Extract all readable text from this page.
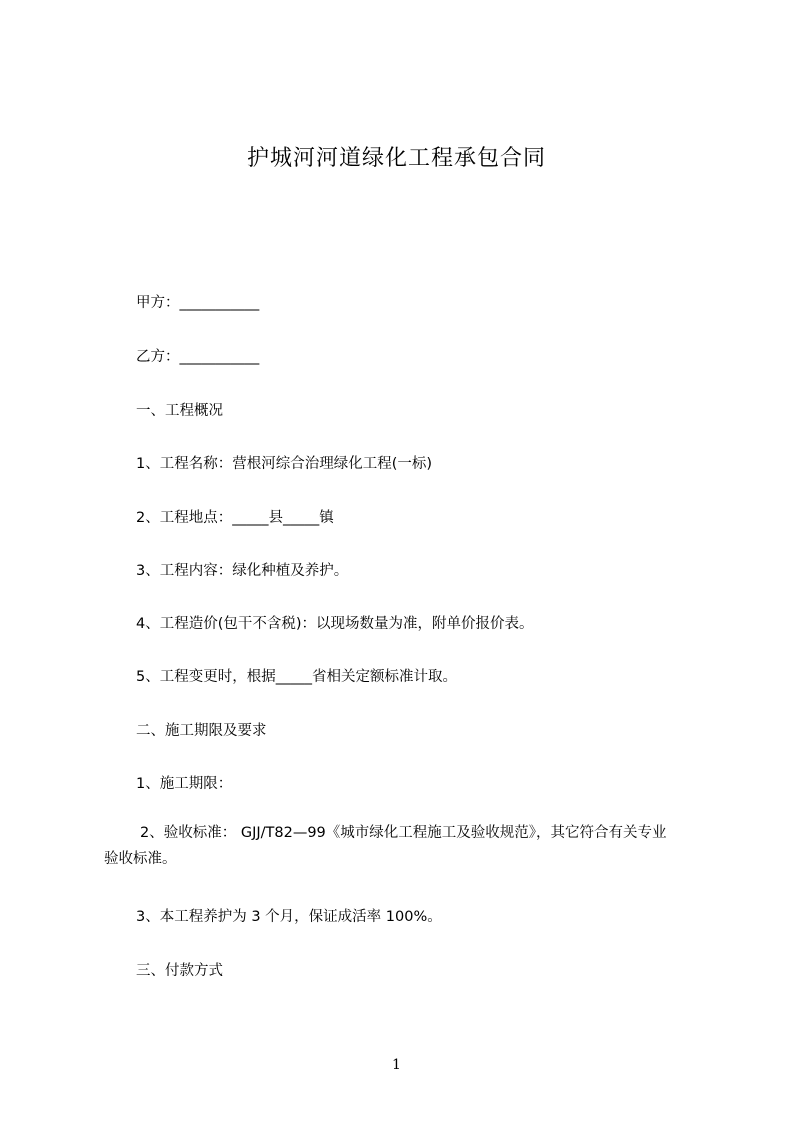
护城河河道绿化工程承包合同
甲方：___________
乙方：___________
一、工程概况
1、工程名称：营根河综合治理绿化工程(一标)
2、工程地点：_____县_____镇
3、工程内容：绿化种植及养护。
4、工程造价(包干不含税)：以现场数量为准，附单价报价表。
5、工程变更时，根据_____省相关定额标准计取。
二、施工期限及要求
1、施工期限：
2、验收标准： GJJ/T82—99《城市绿化工程施工及验收规范》，其它符合有关专业
验收标准。
3、本工程养护为 3 个月，保证成活率 100%。
三、付款方式
1
